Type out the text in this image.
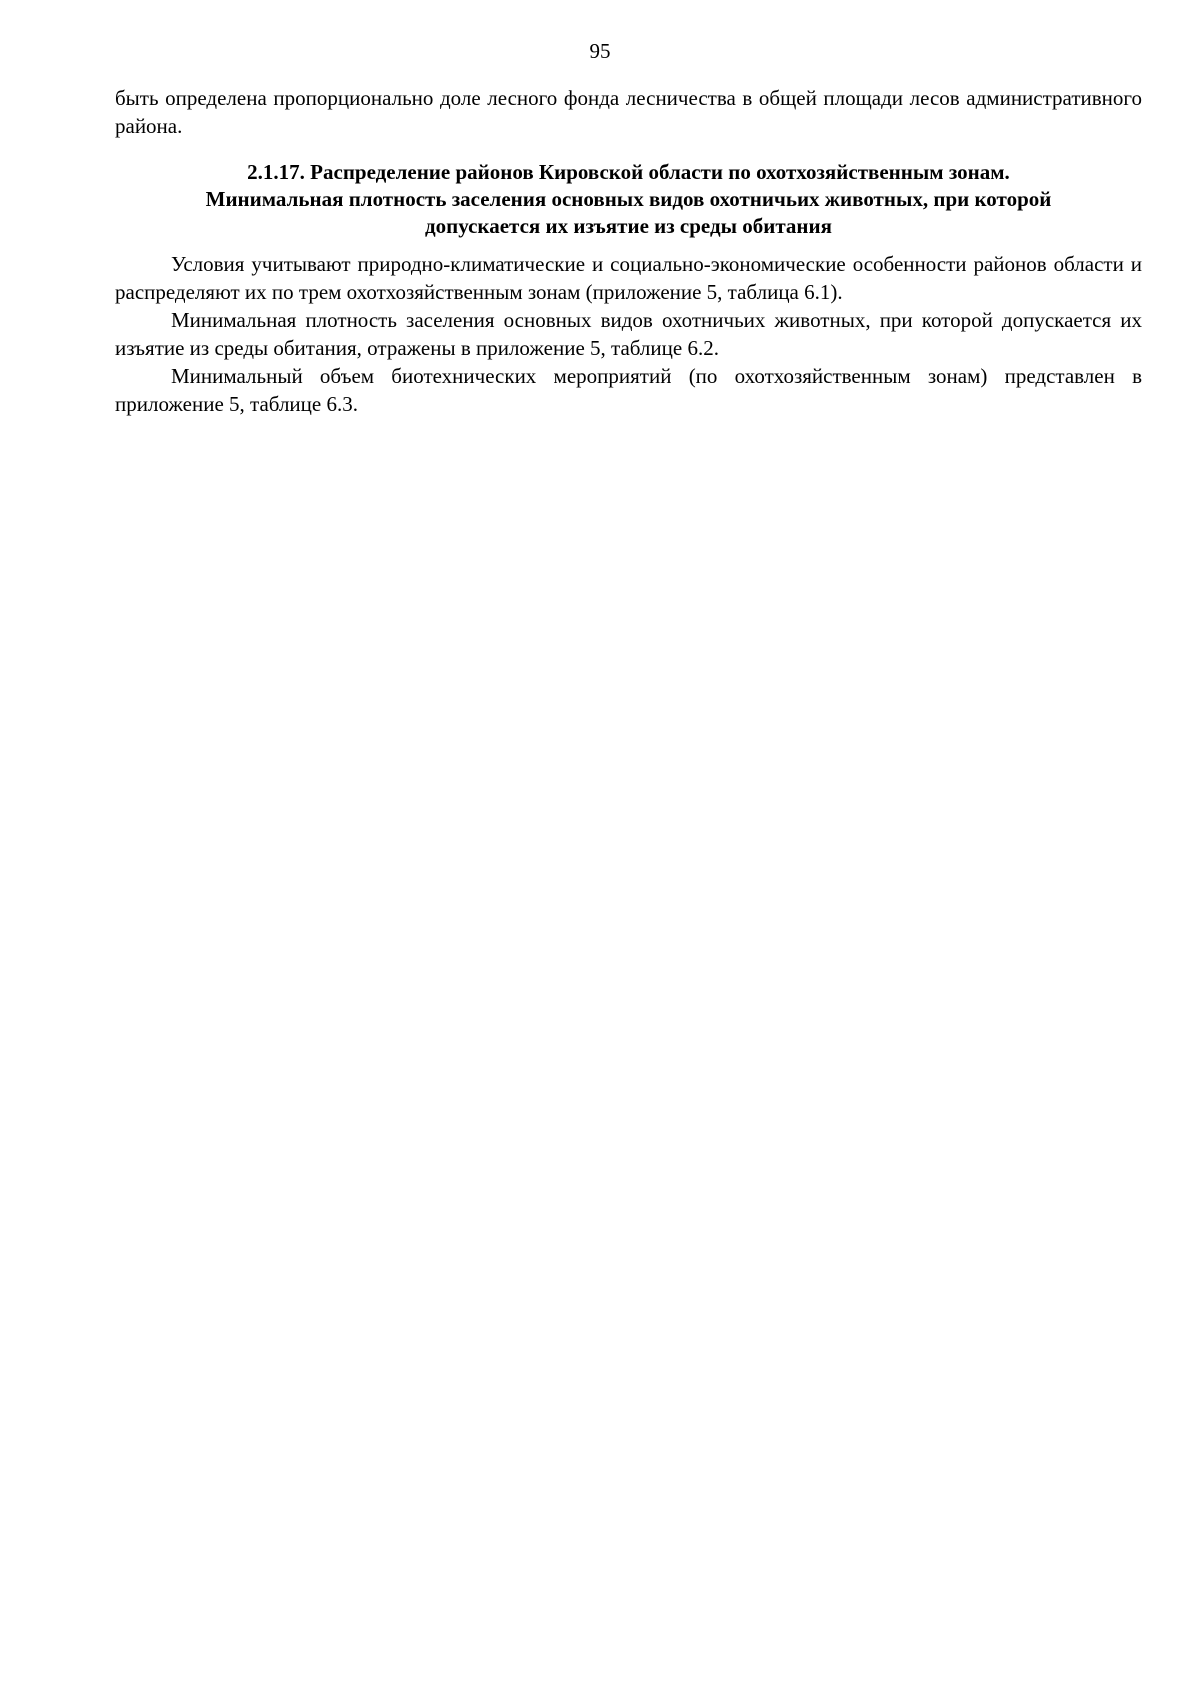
95

быть определена пропорционально доле лесного фонда лесничества в общей площади лесов административного района.

2.1.17. Распределение районов Кировской области по охотхозяйственным зонам.
Минимальная плотность заселения основных видов охотничьих животных, при которой
допускается их изъятие из среды обитания

Условия учитывают природно-климатические и социально-экономические особенности районов области и распределяют их по трем охотхозяйственным зонам (приложение 5, таблица 6.1).

Минимальная плотность заселения основных видов охотничьих животных, при которой допускается их изъятие из среды обитания, отражены в приложение 5, таблице 6.2.

Минимальный объем биотехнических мероприятий (по охотхозяйственным зонам) представлен в приложение 5, таблице 6.3.
